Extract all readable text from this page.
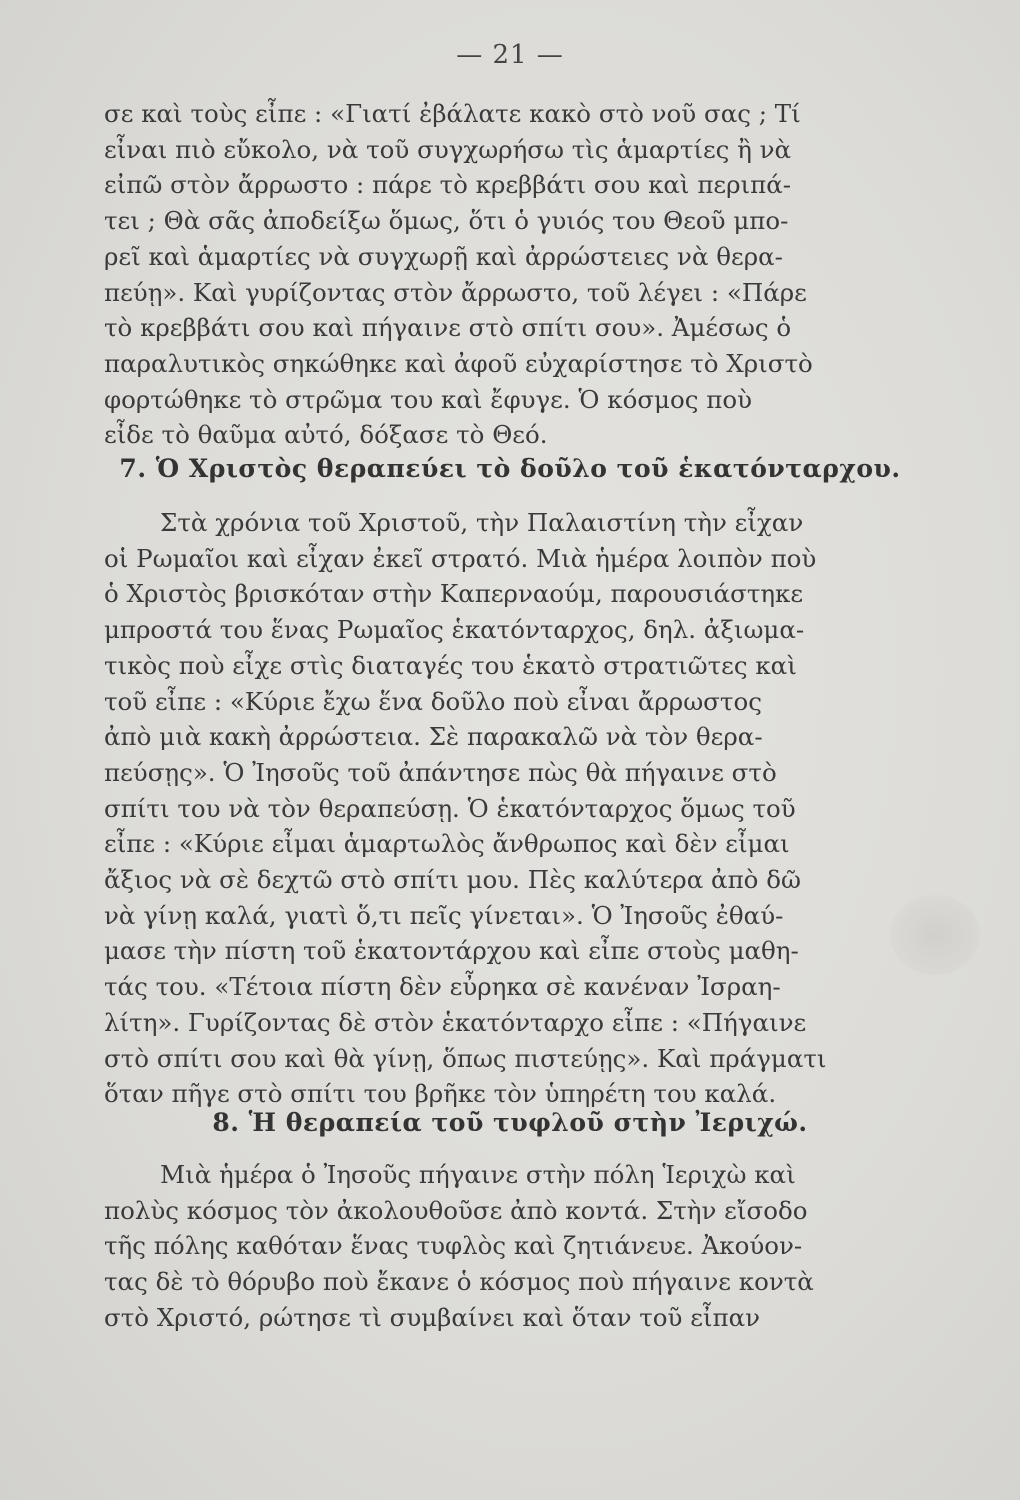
— 21 —
σε καὶ τοὺς εἶπε : «Γιατί ἐβάλατε κακὸ στὸ νοῦ σας ; Τί
εἶναι πιὸ εὔκολο, νὰ τοῦ συγχωρήσω τὶς ἁμαρτίες ἢ νὰ
εἰπῶ στὸν ἄρρωστο : πάρε τὸ κρεββάτι σου καὶ περιπά-
τει ; Θὰ σᾶς ἀποδείξω ὅμως, ὅτι ὁ γυιός του Θεοῦ μπο-
ρεῖ καὶ ἁμαρτίες νὰ συγχωρῇ καὶ ἀρρώστειες νὰ θερα-
πεύῃ». Καὶ γυρίζοντας στὸν ἄρρωστο, τοῦ λέγει : «Πάρε
τὸ κρεββάτι σου καὶ πήγαινε στὸ σπίτι σου». Ἀμέσως ὁ
παραλυτικὸς σηκώθηκε καὶ ἀφοῦ εὐχαρίστησε τὸ Χριστὸ
φορτώθηκε τὸ στρῶμα του καὶ ἔφυγε. Ὁ κόσμος ποὺ
εἶδε τὸ θαῦμα αὐτό, δόξασε τὸ Θεό.
7. Ὁ Χριστὸς θεραπεύει τὸ δοῦλο τοῦ ἑκατόνταρχου.
Στὰ χρόνια τοῦ Χριστοῦ, τὴν Παλαιστίνη τὴν εἶχαν
οἱ Ρωμαῖοι καὶ εἶχαν ἐκεῖ στρατό. Μιὰ ἡμέρα λοιπὸν ποὺ
ὁ Χριστὸς βρισκόταν στὴν Καπερναούμ, παρουσιάστηκε
μπροστά του ἕνας Ρωμαῖος ἑκατόνταρχος, δηλ. ἀξιωμα-
τικὸς ποὺ εἶχε στὶς διαταγές του ἑκατὸ στρατιῶτες καὶ
τοῦ εἶπε : «Κύριε ἔχω ἕνα δοῦλο ποὺ εἶναι ἄρρωστος
ἀπὸ μιὰ κακὴ ἀρρώστεια. Σὲ παρακαλῶ νὰ τὸν θερα-
πεύσῃς». Ὁ Ἰησοῦς τοῦ ἀπάντησε πὼς θὰ πήγαινε στὸ
σπίτι του νὰ τὸν θεραπεύσῃ. Ὁ ἑκατόνταρχος ὅμως τοῦ
εἶπε : «Κύριε εἶμαι ἁμαρτωλὸς ἄνθρωπος καὶ δὲν εἶμαι
ἄξιος νὰ σὲ δεχτῶ στὸ σπίτι μου. Πὲς καλύτερα ἀπὸ δῶ
νὰ γίνῃ καλά, γιατὶ ὅ,τι πεῖς γίνεται». Ὁ Ἰησοῦς ἐθαύ-
μασε τὴν πίστη τοῦ ἑκατοντάρχου καὶ εἶπε στοὺς μαθη-
τάς του. «Τέτοια πίστη δὲν εὖρηκα σὲ κανέναν Ἰσραη-
λίτη». Γυρίζοντας δὲ στὸν ἑκατόνταρχο εἶπε : «Πήγαινε
στὸ σπίτι σου καὶ θὰ γίνῃ, ὅπως πιστεύῃς». Καὶ πράγματι
ὅταν πῆγε στὸ σπίτι του βρῆκε τὸν ὑπηρέτη του καλά.
8. Ἡ θεραπεία τοῦ τυφλοῦ στὴν Ἰεριχώ.
Μιὰ ἡμέρα ὁ Ἰησοῦς πήγαινε στὴν πόλη Ἱεριχὼ καὶ
πολὺς κόσμος τὸν ἀκολουθοῦσε ἀπὸ κοντά. Στὴν εἴσοδο
τῆς πόλης καθόταν ἕνας τυφλὸς καὶ ζητιάνευε. Ἀκούον-
τας δὲ τὸ θόρυβο ποὺ ἔκανε ὁ κόσμος ποὺ πήγαινε κοντὰ
στὸ Χριστό, ρώτησε τὶ συμβαίνει καὶ ὅταν τοῦ εἶπαν
